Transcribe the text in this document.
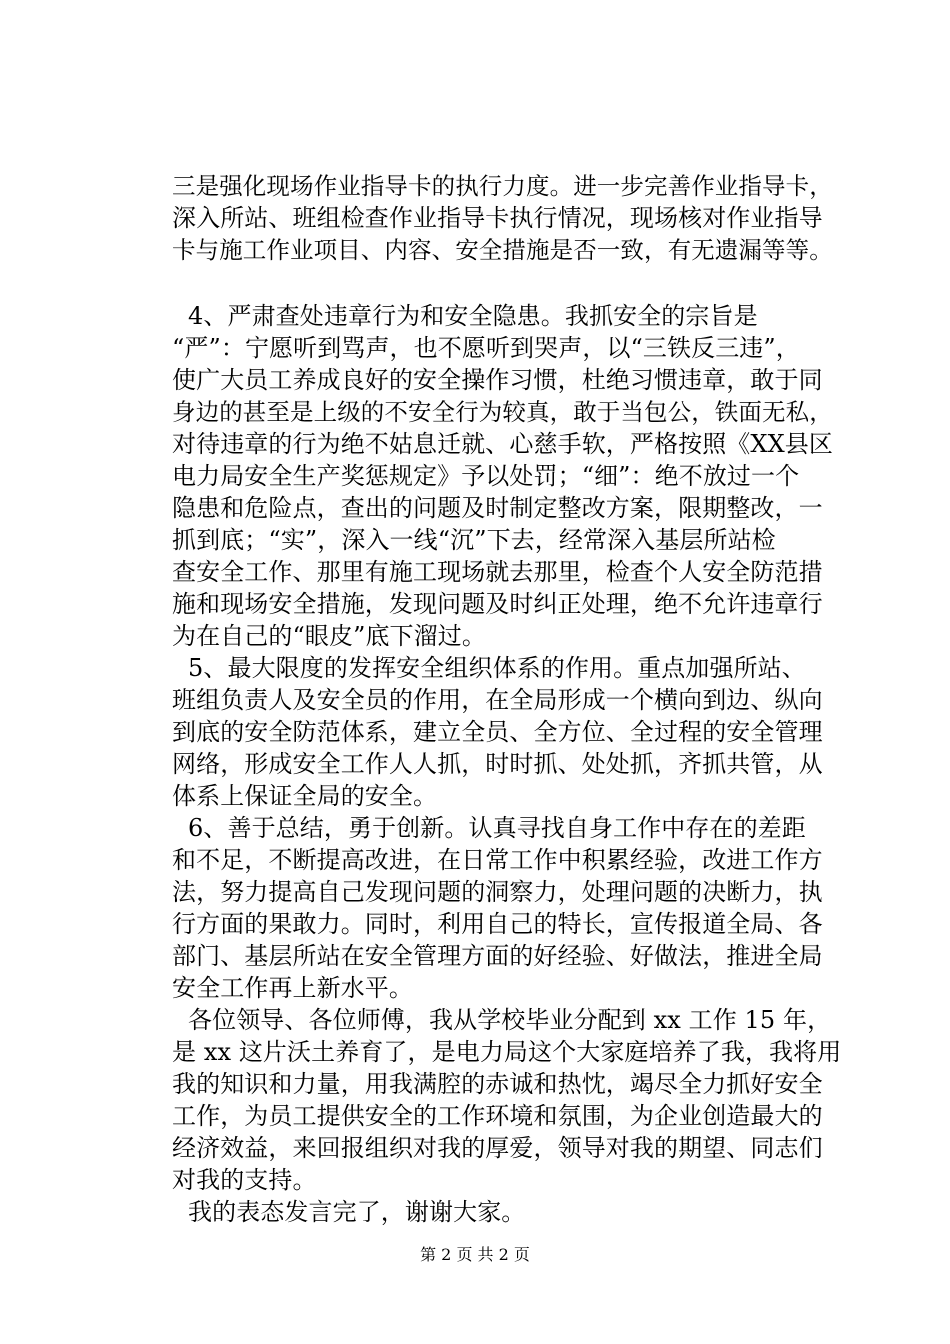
三是强化现场作业指导卡的执行力度。进一步完善作业指导卡，
深入所站、班组检查作业指导卡执行情况，现场核对作业指导
卡与施工作业项目、内容、安全措施是否一致，有无遗漏等等。
4、严肃查处违章行为和安全隐患。我抓安全的宗旨是
“严”：宁愿听到骂声，也不愿听到哭声，以“三铁反三违”，
使广大员工养成良好的安全操作习惯，杜绝习惯违章，敢于同
身边的甚至是上级的不安全行为较真，敢于当包公，铁面无私，
对待违章的行为绝不姑息迁就、心慈手软，严格按照《XX县区
电力局安全生产奖惩规定》予以处罚；“细”：绝不放过一个
隐患和危险点，查出的问题及时制定整改方案，限期整改，一
抓到底；“实”，深入一线“沉”下去，经常深入基层所站检
查安全工作、那里有施工现场就去那里，检查个人安全防范措
施和现场安全措施，发现问题及时纠正处理，绝不允许违章行
为在自己的“眼皮”底下溜过。
5、最大限度的发挥安全组织体系的作用。重点加强所站、
班组负责人及安全员的作用，在全局形成一个横向到边、纵向
到底的安全防范体系，建立全员、全方位、全过程的安全管理
网络，形成安全工作人人抓，时时抓、处处抓，齐抓共管，从
体系上保证全局的安全。
6、善于总结，勇于创新。认真寻找自身工作中存在的差距
和不足，不断提高改进，在日常工作中积累经验，改进工作方
法，努力提高自己发现问题的洞察力，处理问题的决断力，执
行方面的果敢力。同时，利用自己的特长，宣传报道全局、各
部门、基层所站在安全管理方面的好经验、好做法，推进全局
安全工作再上新水平。
各位领导、各位师傅，我从学校毕业分配到 xx 工作 15 年，
是 xx 这片沃土养育了，是电力局这个大家庭培养了我，我将用
我的知识和力量，用我满腔的赤诚和热忱，竭尽全力抓好安全
工作，为员工提供安全的工作环境和氛围，为企业创造最大的
经济效益，来回报组织对我的厚爱，领导对我的期望、同志们
对我的支持。
我的表态发言完了，谢谢大家。
第 2 页 共 2 页
